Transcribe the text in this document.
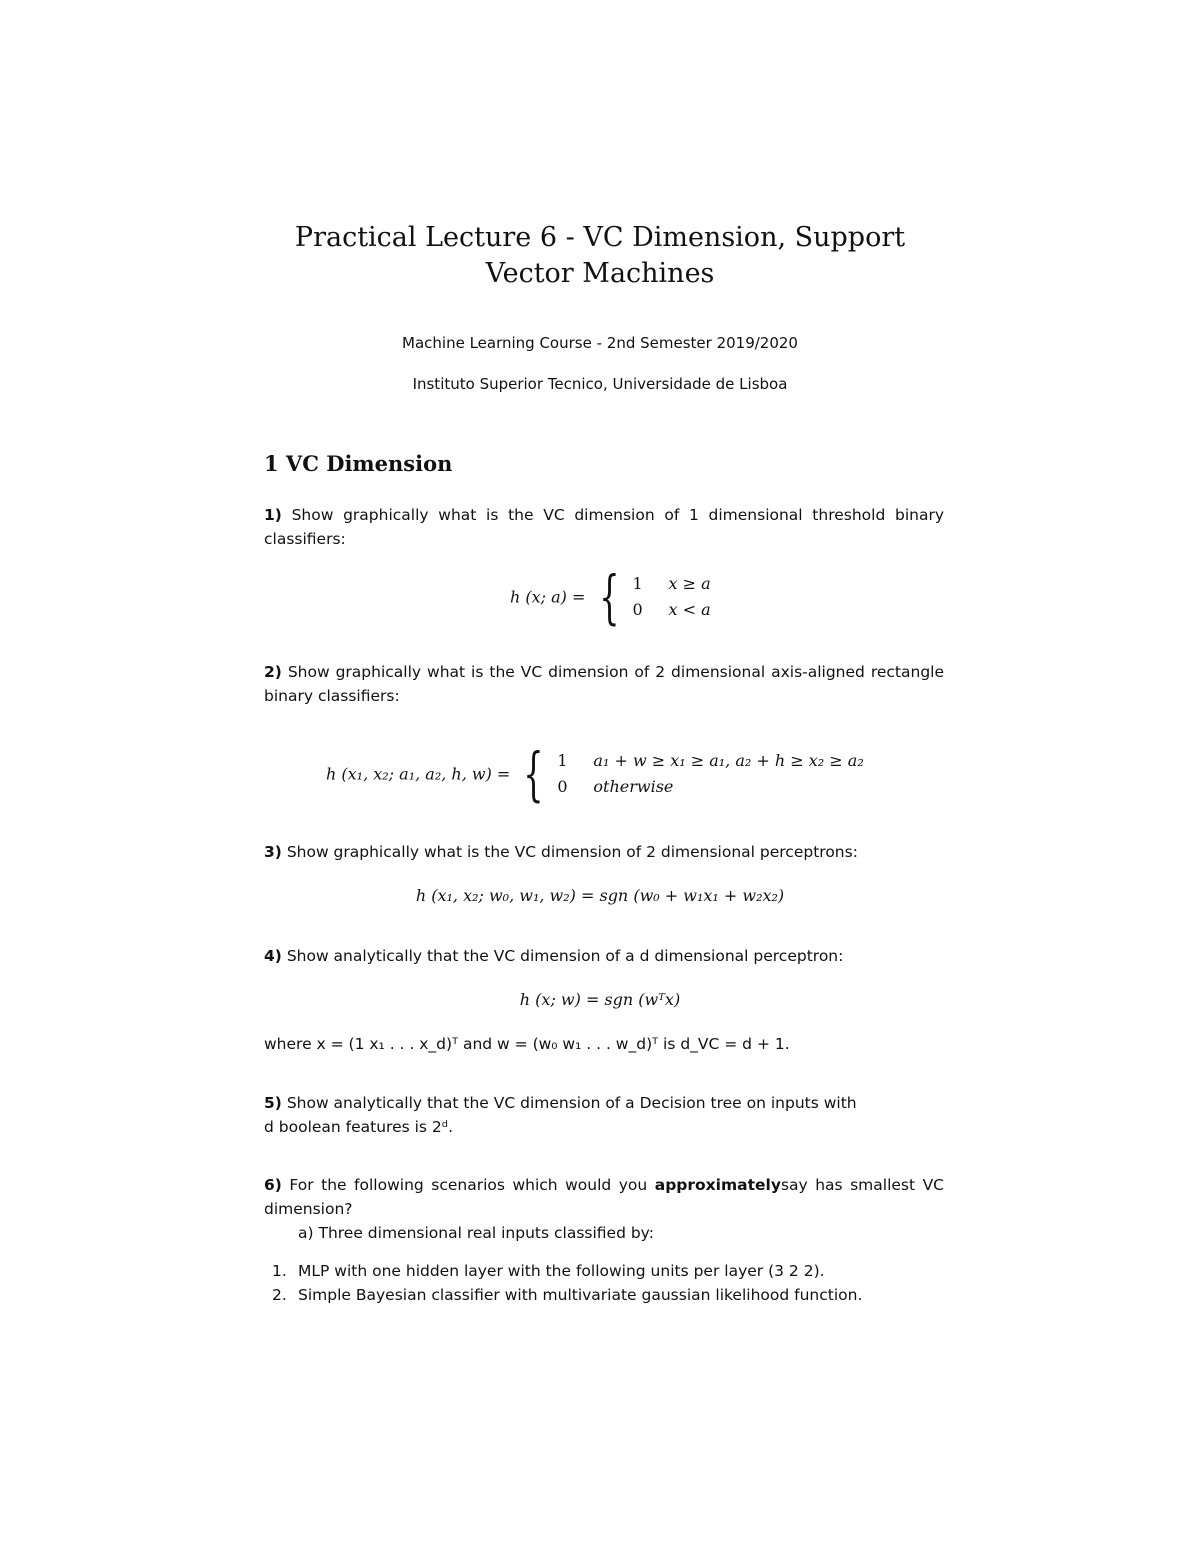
Practical Lecture 6 - VC Dimension, Support
Vector Machines
Machine Learning Course - 2nd Semester 2019/2020
Instituto Superior Tecnico, Universidade de Lisboa
1 VC Dimension
1) Show graphically what is the VC dimension of 1 dimensional threshold binary classifiers:
h (x; a) = { 1 x ≥ a
0 x < a
2) Show graphically what is the VC dimension of 2 dimensional axis-aligned rectangle binary classifiers:
h (x₁, x₂; a₁, a₂, h, w) = { 1 a₁ + w ≥ x₁ ≥ a₁, a₂ + h ≥ x₂ ≥ a₂
0 otherwise
3) Show graphically what is the VC dimension of 2 dimensional perceptrons:
h (x₁, x₂; w₀, w₁, w₂) = sgn (w₀ + w₁x₁ + w₂x₂)
4) Show analytically that the VC dimension of a d dimensional perceptron:
h (x; w) = sgn (wᵀx)
where x = (1 x₁ . . . x_d)ᵀ and w = (w₀ w₁ . . . w_d)ᵀ is d_VC = d + 1.
5) Show analytically that the VC dimension of a Decision tree on inputs with
d boolean features is 2ᵈ.
6) For the following scenarios which would you approximatelysay has smallest VC dimension?
a) Three dimensional real inputs classified by:
1. MLP with one hidden layer with the following units per layer (3 2 2).
2. Simple Bayesian classifier with multivariate gaussian likelihood function.
